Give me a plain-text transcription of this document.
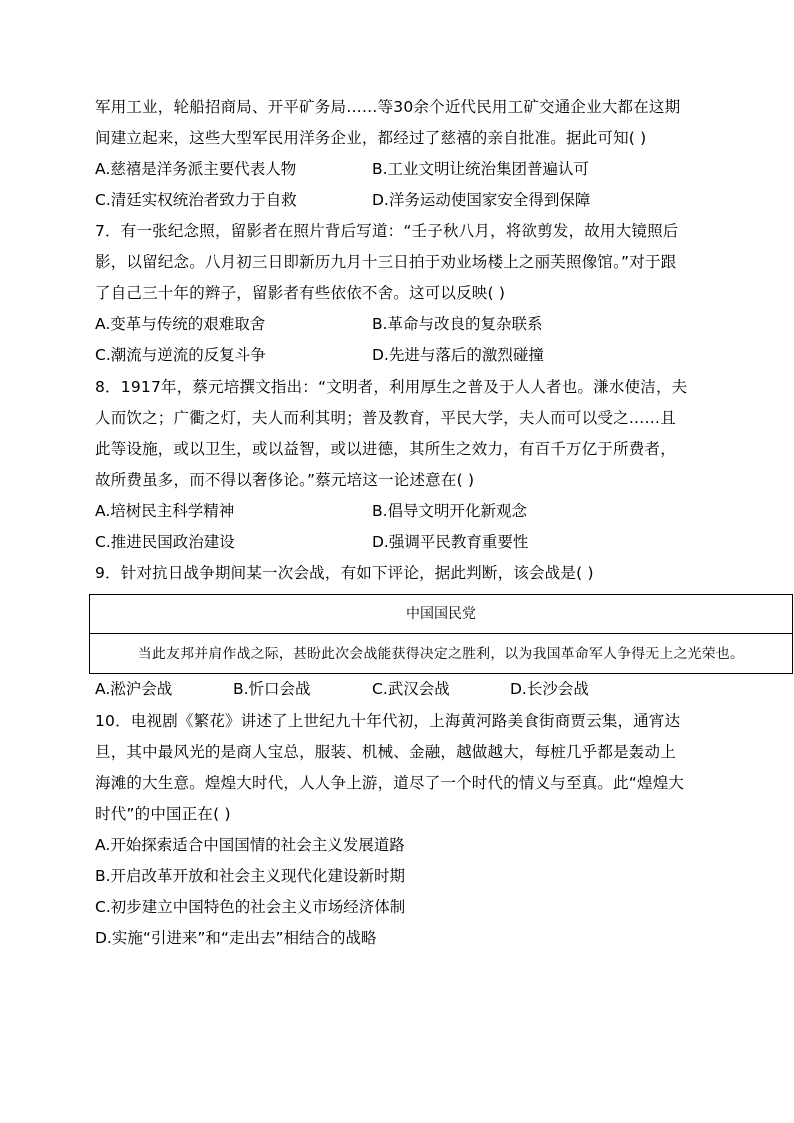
军用工业，轮船招商局、开平矿务局……等30余个近代民用工矿交通企业大都在这期
间建立起来，这些大型军民用洋务企业，都经过了慈禧的亲自批准。据此可知( )
A.慈禧是洋务派主要代表人物	B.工业文明让统治集团普遍认可
C.清廷实权统治者致力于自救	D.洋务运动使国家安全得到保障
7．有一张纪念照，留影者在照片背后写道：“壬子秋八月，将欲剪发，故用大镜照后
影，以留纪念。八月初三日即新历九月十三日拍于劝业场楼上之丽芙照像馆。”对于跟
了自己三十年的辫子，留影者有些依依不舍。这可以反映( )
A.变革与传统的艰难取舍	B.革命与改良的复杂联系
C.潮流与逆流的反复斗争	D.先进与落后的激烈碰撞
8．1917年，蔡元培撰文指出：“文明者，利用厚生之普及于人人者也。溓水使洁，夫
人而饮之；广衢之灯，夫人而利其明；普及教育，平民大学，夫人而可以受之……且
此等设施，或以卫生，或以益智，或以进德，其所生之效力，有百千万亿于所费者，
故所费虽多，而不得以奢侈论。”蔡元培这一论述意在( )
A.培树民主科学精神	B.倡导文明开化新观念
C.推进民国政治建设	D.强调平民教育重要性
9．针对抗日战争期间某一次会战，有如下评论，据此判断，该会战是( )
中国国民党
当此友邦并肩作战之际，甚盼此次会战能获得决定之胜利，以为我国革命军人争得无上之光荣也。
A.淞沪会战	B.忻口会战	C.武汉会战	D.长沙会战
10．电视剧《繁花》讲述了上世纪九十年代初，上海黄河路美食街商贾云集，通宵达
旦，其中最风光的是商人宝总，服装、机械、金融，越做越大，每桩几乎都是轰动上
海滩的大生意。煌煌大时代，人人争上游，道尽了一个时代的情义与至真。此“煌煌大
时代”的中国正在( )
A.开始探索适合中国国情的社会主义发展道路
B.开启改革开放和社会主义现代化建设新时期
C.初步建立中国特色的社会主义市场经济体制
D.实施“引进来”和“走出去”相结合的战略
